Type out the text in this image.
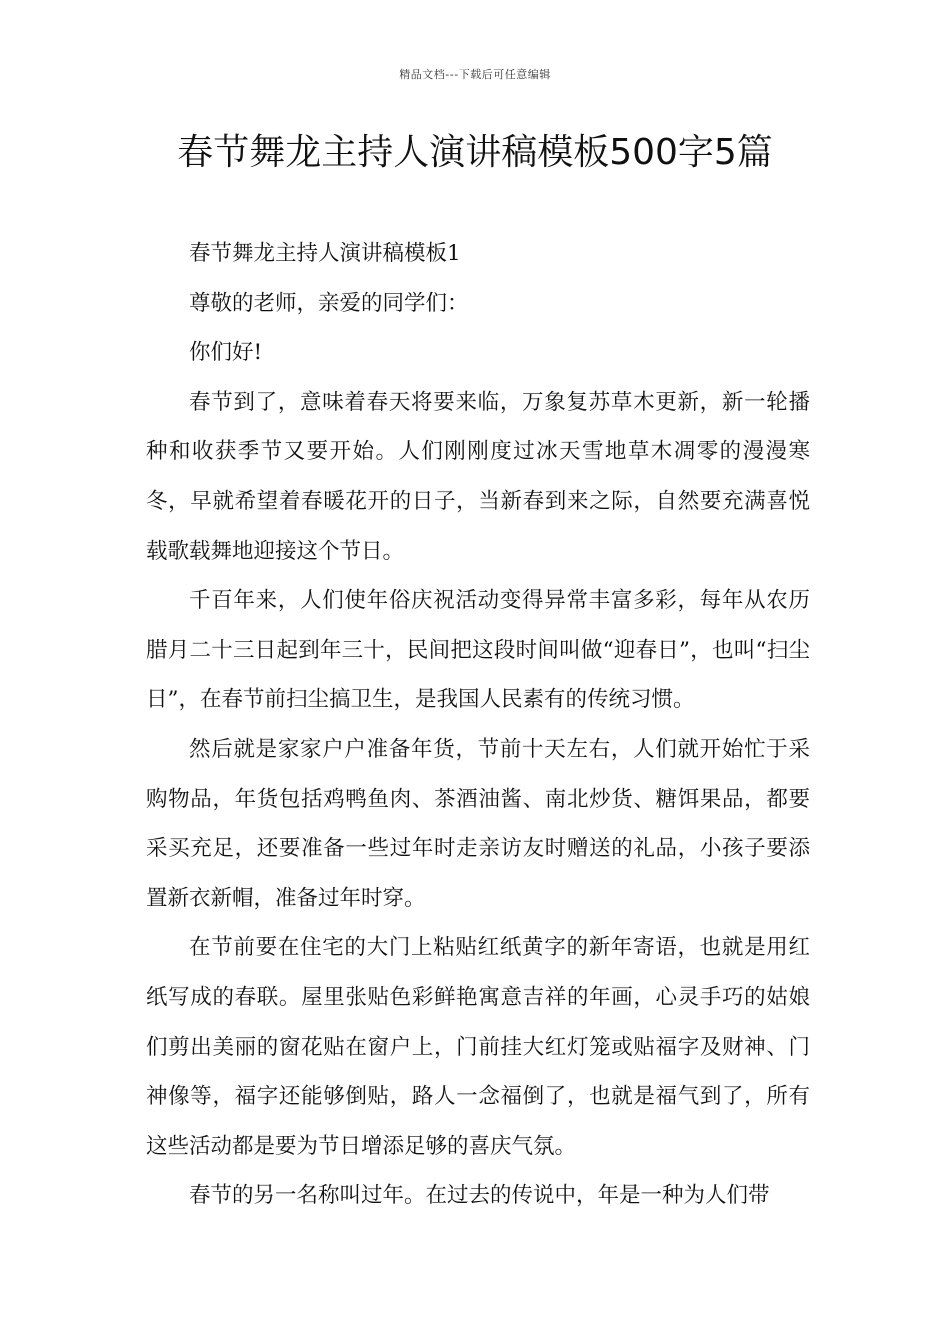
精品文档---下载后可任意编辑
春节舞龙主持人演讲稿模板500字5篇

春节舞龙主持人演讲稿模板1

尊敬的老师，亲爱的同学们：

你们好!

春节到了，意味着春天将要来临，万象复苏草木更新，新一轮播种和收获季节又要开始。人们刚刚度过冰天雪地草木凋零的漫漫寒冬，早就希望着春暖花开的日子，当新春到来之际，自然要充满喜悦载歌载舞地迎接这个节日。

千百年来，人们使年俗庆祝活动变得异常丰富多彩，每年从农历腊月二十三日起到年三十，民间把这段时间叫做“迎春日”，也叫“扫尘日”，在春节前扫尘搞卫生，是我国人民素有的传统习惯。

然后就是家家户户准备年货，节前十天左右，人们就开始忙于采购物品，年货包括鸡鸭鱼肉、茶酒油酱、南北炒货、糖饵果品，都要采买充足，还要准备一些过年时走亲访友时赠送的礼品，小孩子要添置新衣新帽，准备过年时穿。

在节前要在住宅的大门上粘贴红纸黄字的新年寄语，也就是用红纸写成的春联。屋里张贴色彩鲜艳寓意吉祥的年画，心灵手巧的姑娘们剪出美丽的窗花贴在窗户上，门前挂大红灯笼或贴福字及财神、门神像等，福字还能够倒贴，路人一念福倒了，也就是福气到了，所有这些活动都是要为节日增添足够的喜庆气氛。

春节的另一名称叫过年。在过去的传说中，年是一种为人们带
